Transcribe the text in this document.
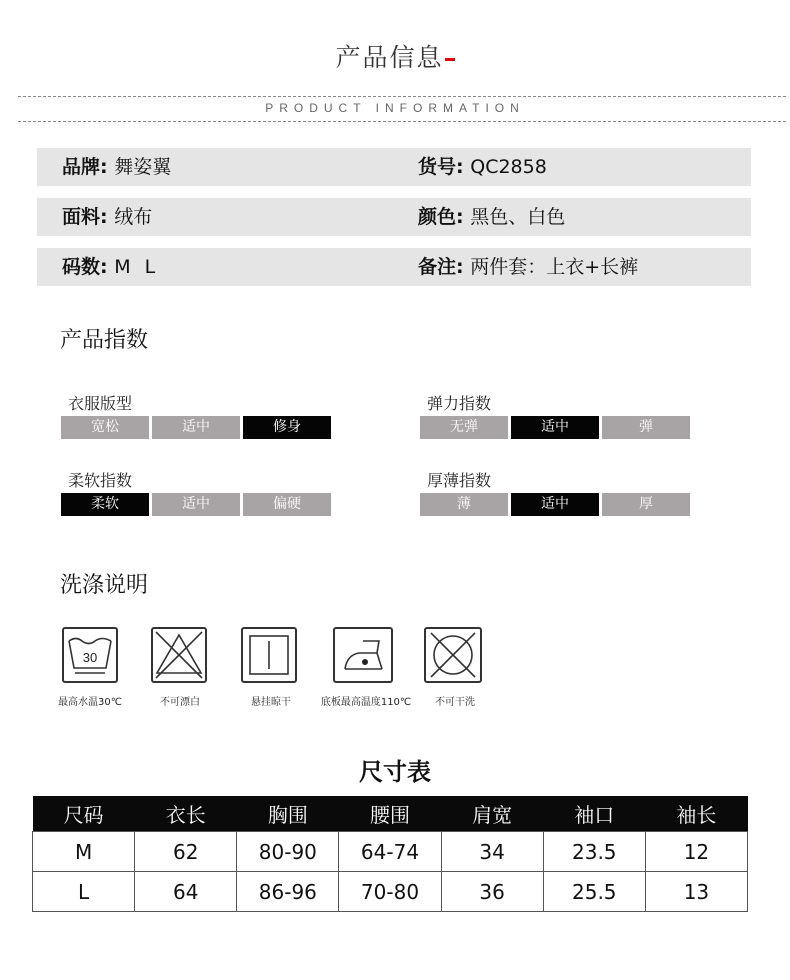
产品信息
PRODUCT INFORMATION
品牌: 舞姿翼	货号: QC2858
面料: 绒布	颜色: 黑色、白色
码数: M L	备注: 两件套：上衣+长裤
产品指数
衣服版型
宽松	适中	修身
弹力指数
无弹	适中	弹
柔软指数
柔软	适中	偏硬
厚薄指数
薄	适中	厚
洗涤说明
30
最高水温30℃	不可漂白	悬挂晾干	底板最高温度110℃	不可干洗
尺寸表
尺码	衣长	胸围	腰围	肩宽	袖口	袖长
M	62	80-90	64-74	34	23.5	12
L	64	86-96	70-80	36	25.5	13
